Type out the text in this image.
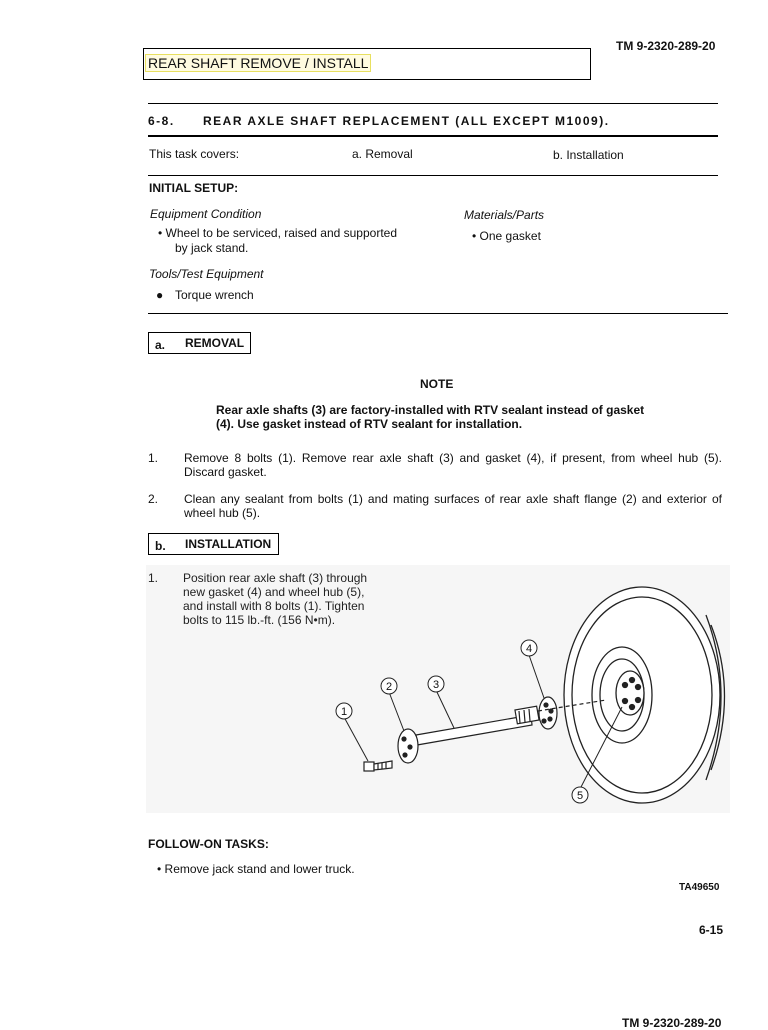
TM 9-2320-289-20
REAR SHAFT REMOVE / INSTALL
6-8. REAR AXLE SHAFT REPLACEMENT (ALL EXCEPT M1009).
This task covers:	a. Removal	b. Installation
INITIAL SETUP:
Equipment Condition
• Wheel to be serviced, raised and supported
by jack stand.
Materials/Parts
• One gasket
Tools/Test Equipment
● Torque wrench
a. REMOVAL
NOTE
Rear axle shafts (3) are factory-installed with RTV sealant instead of gasket (4). Use gasket instead of RTV sealant for installation.
1. Remove 8 bolts (1). Remove rear axle shaft (3) and gasket (4), if present, from wheel hub (5). Discard gasket.
2. Clean any sealant from bolts (1) and mating surfaces of rear axle shaft flange (2) and exterior of wheel hub (5).
b. INSTALLATION
1. Position rear axle shaft (3) through
new gasket (4) and wheel hub (5),
and install with 8 bolts (1). Tighten
bolts to 115 lb.-ft. (156 N•m).
1
2	3
4
5
FOLLOW-ON TASKS:
• Remove jack stand and lower truck.
TA49650
6-15
TM 9-2320-289-20
